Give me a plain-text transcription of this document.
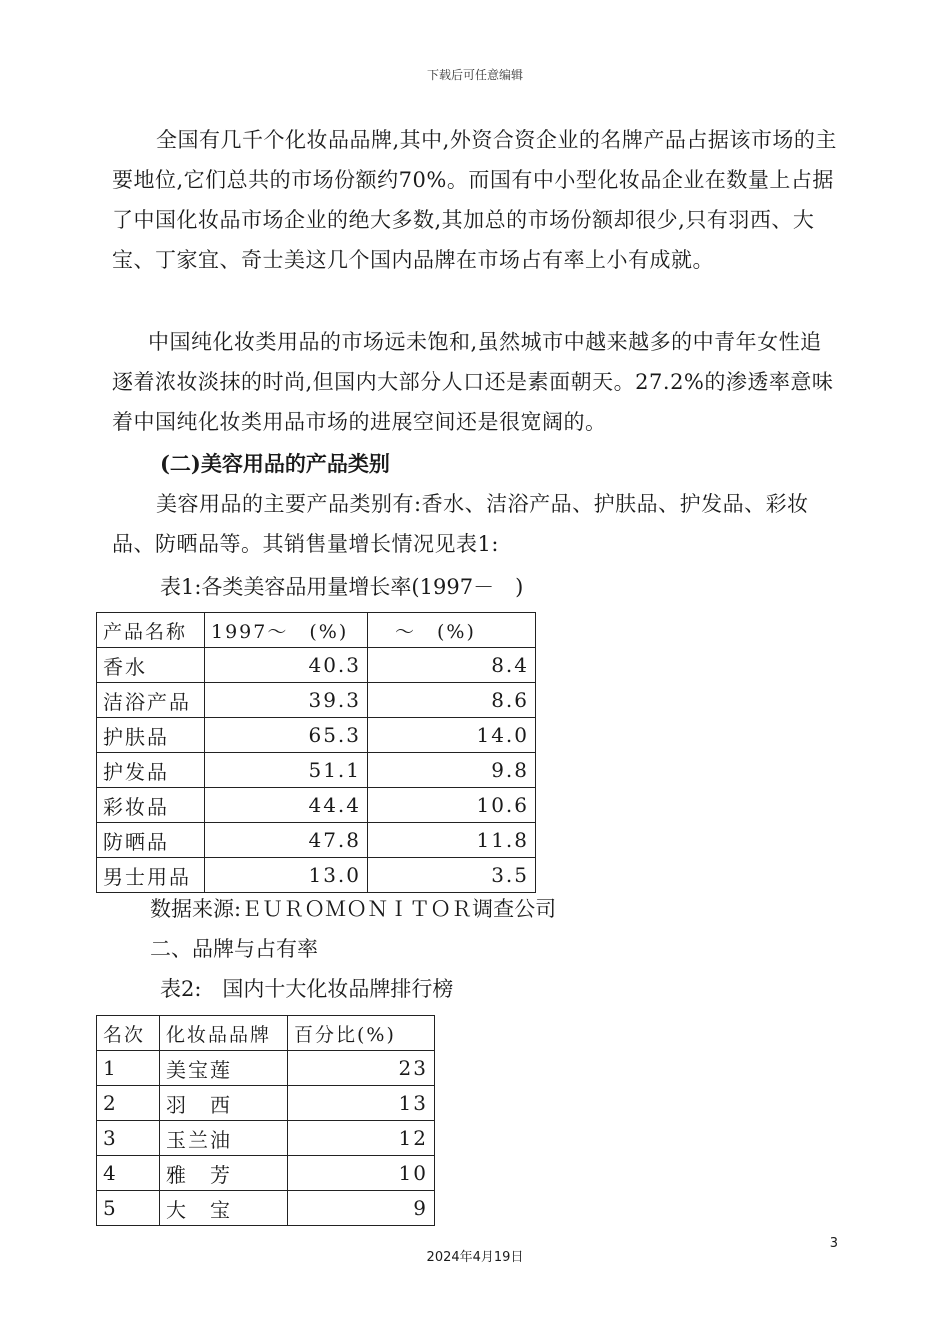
下载后可任意编辑

全国有几千个化妆品品牌,其中,外资合资企业的名牌产品占据该市场的主要地位,它们总共的市场份额约70%。而国有中小型化妆品企业在数量上占据了中国化妆品市场企业的绝大多数,其加总的市场份额却很少,只有羽西、大宝、丁家宜、奇士美这几个国内品牌在市场占有率上小有成就。

中国纯化妆类用品的市场远未饱和,虽然城市中越来越多的中青年女性追逐着浓妆淡抹的时尚,但国内大部分人口还是素面朝天。27.2%的渗透率意味着中国纯化妆类用品市场的进展空间还是很宽阔的。

(二)美容用品的产品类别

美容用品的主要产品类别有:香水、洁浴产品、护肤品、护发品、彩妆品、防晒品等。其销售量增长情况见表1:

表1:各类美容品用量增长率(1997－　)
产品名称	1997～　(%)	　～　(%)
香水	40.3	8.4
洁浴产品	39.3	8.6
护肤品	65.3	14.0
护发品	51.1	9.8
彩妆品	44.4	10.6
防晒品	47.8	11.8
男士用品	13.0	3.5
数据来源:ＥＵＲＯＭＯＮＩＴＯＲ调查公司
二、品牌与占有率
表2:　国内十大化妆品牌排行榜
名次	化妆品品牌	百分比(%)
1	美宝莲	23
2	羽　西	13
3	玉兰油	12
4	雅　芳	10
5	大　宝	9
3
2024年4月19日
